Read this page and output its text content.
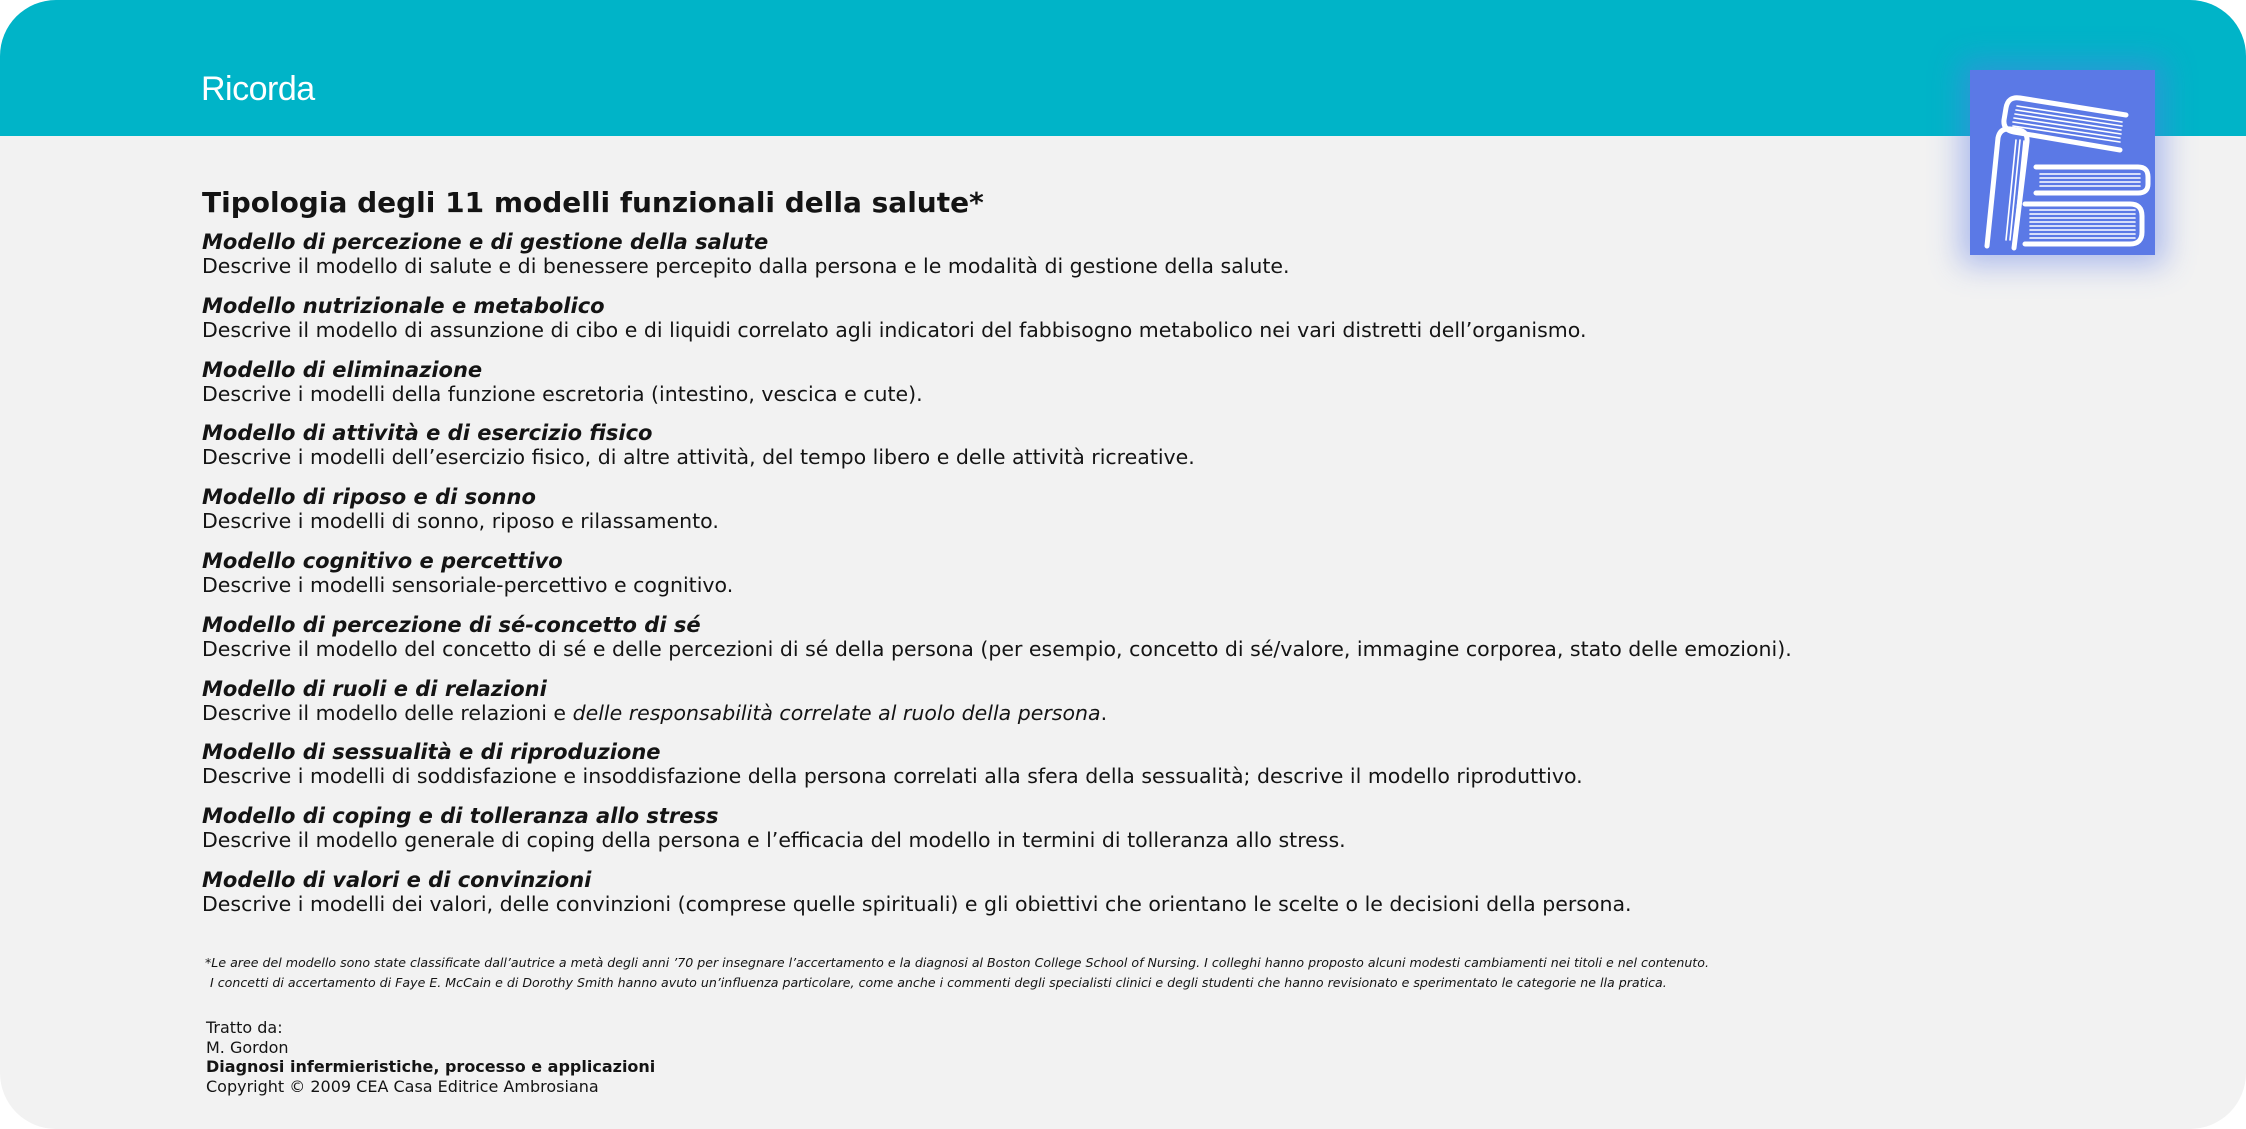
Ricorda
Tipologia degli 11 modelli funzionali della salute*
Modello di percezione e di gestione della salute
Descrive il modello di salute e di benessere percepito dalla persona e le modalità di gestione della salute.
Modello nutrizionale e metabolico
Descrive il modello di assunzione di cibo e di liquidi correlato agli indicatori del fabbisogno metabolico nei vari distretti dell’organismo.
Modello di eliminazione
Descrive i modelli della funzione escretoria (intestino, vescica e cute).
Modello di attività e di esercizio fisico
Descrive i modelli dell’esercizio fisico, di altre attività, del tempo libero e delle attività ricreative.
Modello di riposo e di sonno
Descrive i modelli di sonno, riposo e rilassamento.
Modello cognitivo e percettivo
Descrive i modelli sensoriale-percettivo e cognitivo.
Modello di percezione di sé-concetto di sé
Descrive il modello del concetto di sé e delle percezioni di sé della persona (per esempio, concetto di sé/valore, immagine corporea, stato delle emozioni).
Modello di ruoli e di relazioni
Descrive il modello delle relazioni e delle responsabilità correlate al ruolo della persona.
Modello di sessualità e di riproduzione
Descrive i modelli di soddisfazione e insoddisfazione della persona correlati alla sfera della sessualità; descrive il modello riproduttivo.
Modello di coping e di tolleranza allo stress
Descrive il modello generale di coping della persona e l’efficacia del modello in termini di tolleranza allo stress.
Modello di valori e di convinzioni
Descrive i modelli dei valori, delle convinzioni (comprese quelle spirituali) e gli obiettivi che orientano le scelte o le decisioni della persona.
*Le aree del modello sono state classificate dall’autrice a metà degli anni ’70 per insegnare l’accertamento e la diagnosi al Boston College School of Nursing. I colleghi hanno proposto alcuni modesti cambiamenti nei titoli e nel contenuto.
I concetti di accertamento di Faye E. McCain e di Dorothy Smith hanno avuto un’influenza particolare, come anche i commenti degli specialisti clinici e degli studenti che hanno revisionato e sperimentato le categorie ne lla pratica.
Tratto da:
M. Gordon
Diagnosi infermieristiche, processo e applicazioni
Copyright © 2009 CEA Casa Editrice Ambrosiana
